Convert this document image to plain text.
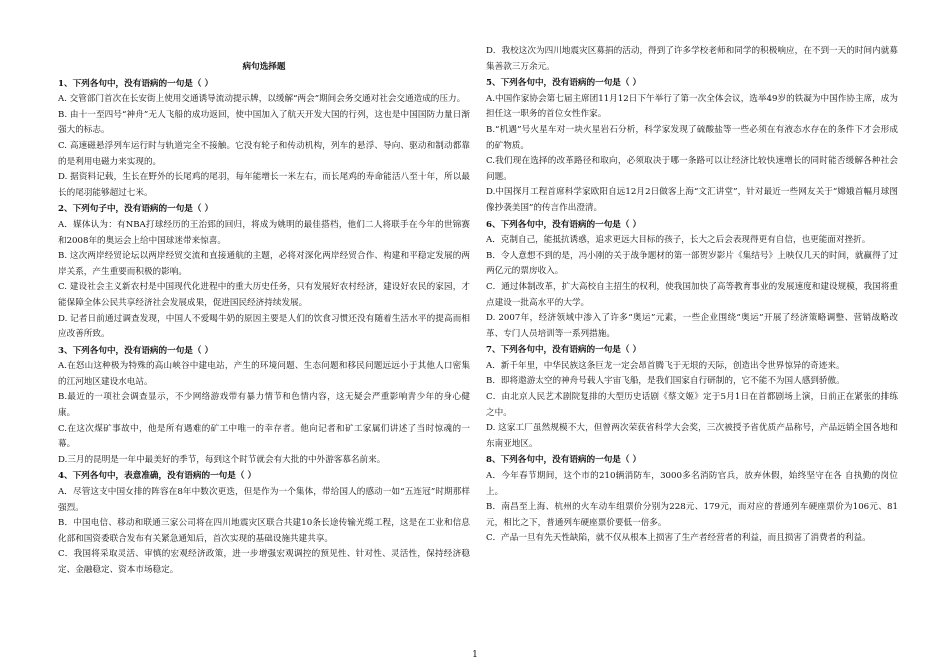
病句选择题
1、下列各句中，没有语病的一句是（ ）
A. 交管部门首次在长安街上使用交通诱导流动提示牌，以缓解“两会”期间会务交通对社会交通造成的压力。
B. 由十一至四号“神舟”无人飞船的成功返回，使中国加入了航天开发大国的行列，这也是中国国防力量日渐强大的标志。
C. 高速磁悬浮列车运行时与轨道完全不接触。它没有轮子和传动机构，列车的悬浮、导向、驱动和制动都靠的是利用电磁力来实现的。
D. 据资料记载，生长在野外的长尾鸡的尾羽，每年能增长一米左右，而长尾鸡的寿命能活八至十年，所以最长的尾羽能够超过七米。
2、下列句子中，没有语病的一句是（ ）
A．媒体认为：有NBA打球经历的王治郅的回归，将成为姚明的最佳搭档，他们二人将联手在今年的世锦赛和2008年的奥运会上给中国球迷带来惊喜。
B. 这次两岸经贸论坛以两岸经贸交流和直接通航的主题，必将对深化两岸经贸合作、构建和平稳定发展的两岸关系，产生重要而积极的影响。
C. 建设社会主义新农村是中国现代化进程中的重大历史任务，只有发展好农村经济，建设好农民的家园，才能保障全体公民共享经济社会发展成果，促进国民经济持续发展。
D. 记者日前通过调查发现，中国人不爱喝牛奶的原因主要是人们的饮食习惯还没有随着生活水平的提高而相应改善所致。
3、下列各句中，没有语病的一句是（ ）
A.在怒山这种极为特殊的高山峡谷中建电站，产生的环境问题、生态问题和移民问题远远小于其他人口密集的江河地区建设水电站。
B.最近的一项社会调查显示，不少网络游戏带有暴力情节和色情内容，这无疑会严重影响青少年的身心健康。
C.在这次煤矿事故中，他是所有遇难的矿工中唯一的幸存者。他向记者和矿工家属们讲述了当时惊魂的一幕。
D.三月的昆明是一年中最美好的季节，每到这个时节就会有大批的中外游客慕名前来。
4、下列各句中，表意准确，没有语病的一句是（ ）
A．尽管这支中国女排的阵容在8年中数次更迭，但是作为一个集体，带给国人的感动一如“五连冠”时期那样强烈。
B．中国电信、移动和联通三家公司将在四川地震灾区联合共建10条长途传输光缆工程，这是在工业和信息化部和国资委联合发布有关紧急通知后，首次实现的基础设施共建共享。
C．我国将采取灵活、审慎的宏观经济政策，进一步增强宏观调控的预见性、针对性、灵活性，保持经济稳定、金融稳定、资本市场稳定。
D．我校这次为四川地震灾区募捐的活动，得到了许多学校老师和同学的积极响应，在不到一天的时间内就募集善款三万余元。
5、下列各句中，没有语病的一句是（ ）
A.中国作家协会第七届主席团11月12日下午举行了第一次全体会议，选举49岁的铁凝为中国作协主席，成为担任这一职务的首位女性作家。
B.“机遇”号火星车对一块火星岩石分析，科学家发现了硫酸盐等一些必须在有液态水存在的条件下才会形成的矿物质。
C.我们现在选择的改革路径和取向，必须取决于哪一条路可以让经济比较快速增长的同时能否缓解各种社会问题。
D.中国探月工程首席科学家欧阳自远12月2日做客上海“文汇讲堂”，针对最近一些网友关于“嫦娥首幅月球图像抄袭美国”的传言作出澄清。
6、下列各句中，没有语病的一句是（ ）
A．克制自己，能抵抗诱惑，追求更远大目标的孩子，长大之后会表现得更有自信，也更能面对挫折。
B．令人意想不到的是，冯小刚的关于战争题材的第一部贺岁影片《集结号》上映仅几天的时间，就赢得了过两亿元的票房收入。
C．通过体制改革，扩大高校自主招生的权利，使我国加快了高等教育事业的发展速度和建设规模，我国将重点建设一批高水平的大学。
D. 2007年，经济领域中渗入了许多“奥运”元素，一些企业围绕“奥运”开展了经济策略调整、营销战略改革、专门人员培训等一系列措施。
7、下列各句中，没有语病的一句是（ ）
A．新千年里，中华民族这条巨龙一定会昂首腾飞于无垠的天际，创造出令世界惊异的奇迹来。
B．即将遨游太空的神舟号载人宇宙飞船，是我们国家自行研制的，它不能不为国人感到骄傲。
C．由北京人民艺术剧院复排的大型历史话剧《蔡文姬》定于5月1日在首都剧场上演，日前正在紧张的排练之中。
D. 这家工厂虽然规模不大，但曾两次荣获省科学大会奖，三次被授予省优质产品称号，产品远销全国各地和东南亚地区。
8、下列各句中，没有语病的一句是（ ）
A．今年春节期间，这个市的210辆消防车，3000多名消防官兵，放弃休假，始终坚守在各 自执勤的岗位上。
B．南昌至上海、杭州的火车动车组票价分别为228元、179元，而对应的普通列车硬座票价为106元、81元，相比之下，普通列车硬座票价要低一倍多。
C．产品一旦有先天性缺陷，就不仅从根本上损害了生产者经营者的利益，而且损害了消费者的利益。
1
